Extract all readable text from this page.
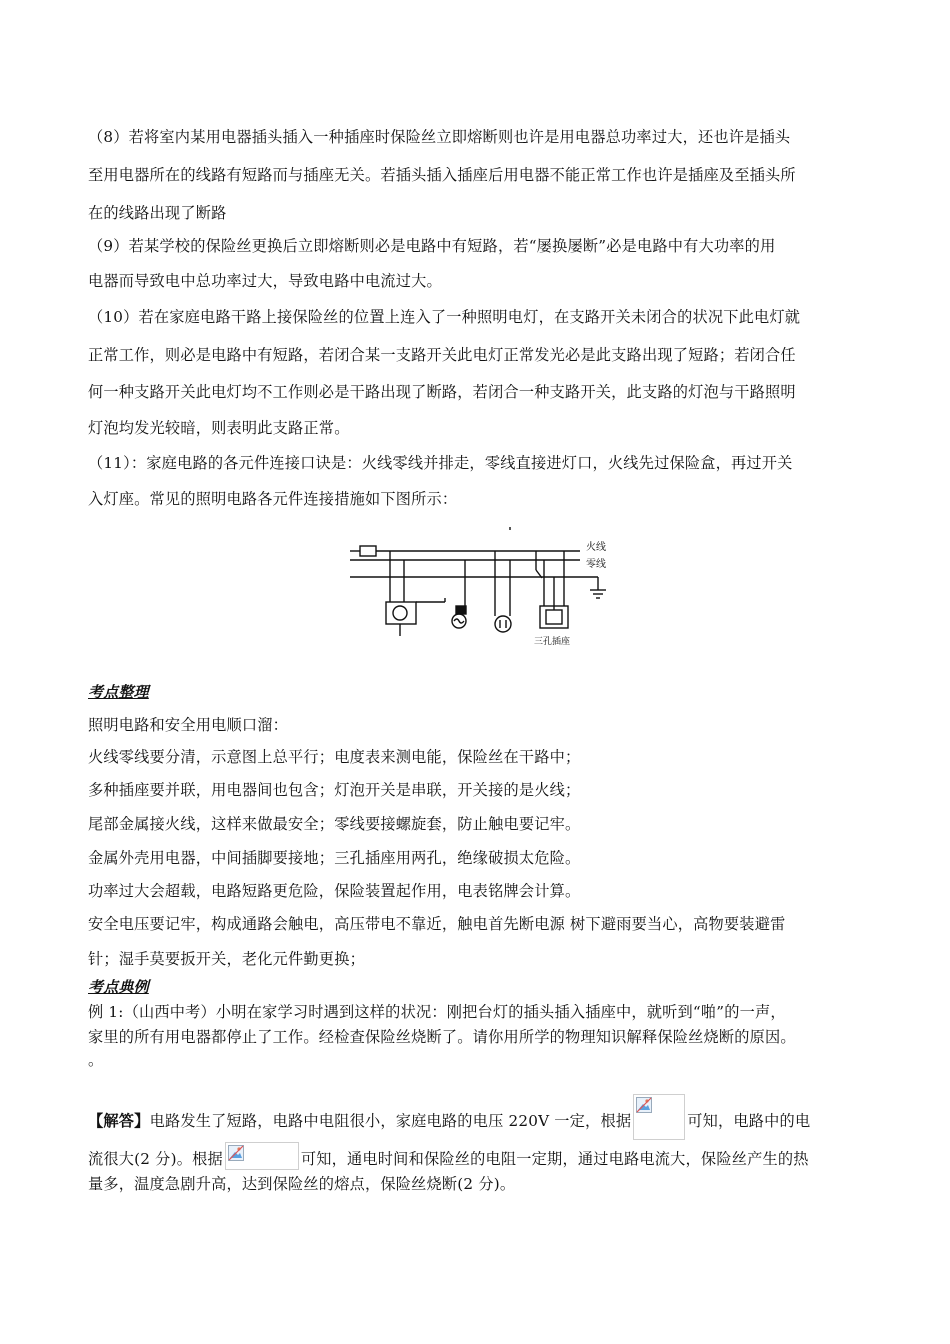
（8）若将室内某用电器插头插入一种插座时保险丝立即熔断则也许是用电器总功率过大，还也许是插头
至用电器所在的线路有短路而与插座无关。若插头插入插座后用电器不能正常工作也许是插座及至插头所
在的线路出现了断路
（9）若某学校的保险丝更换后立即熔断则必是电路中有短路，若“屡换屡断”必是电路中有大功率的用
电器而导致电中总功率过大，导致电路中电流过大。
（10）若在家庭电路干路上接保险丝的位置上连入了一种照明电灯，在支路开关未闭合的状况下此电灯就
正常工作，则必是电路中有短路，若闭合某一支路开关此电灯正常发光必是此支路出现了短路；若闭合任
何一种支路开关此电灯均不工作则必是干路出现了断路，若闭合一种支路开关，此支路的灯泡与干路照明
灯泡均发光较暗，则表明此支路正常。
（11）：家庭电路的各元件连接口诀是：火线零线并排走，零线直接进灯口，火线先过保险盒，再过开关
入灯座。常见的照明电路各元件连接措施如下图所示：
火线
零线
三孔插座
考点整理
照明电路和安全用电顺口溜：
火线零线要分清，示意图上总平行；电度表来测电能，保险丝在干路中；
多种插座要并联，用电器间也包含；灯泡开关是串联，开关接的是火线；
尾部金属接火线，这样来做最安全；零线要接螺旋套，防止触电要记牢。
金属外壳用电器，中间插脚要接地；三孔插座用两孔，绝缘破损太危险。
功率过大会超载，电路短路更危险，保险装置起作用，电表铭牌会计算。
安全电压要记牢，构成通路会触电，高压带电不靠近，触电首先断电源 树下避雨要当心，高物要装避雷
针；湿手莫要扳开关，老化元件勤更换；
考点典例
例 1:（山西中考）小明在家学习时遇到这样的状况：刚把台灯的插头插入插座中，就听到“啪”的一声，
家里的所有用电器都停止了工作。经检查保险丝烧断了。请你用所学的物理知识解释保险丝烧断的原因。
。
【解答】电路发生了短路，电路中电阻很小，家庭电路的电压 220V 一定，根据	可知，电路中的电
流很大(2 分)。根据	可知，通电时间和保险丝的电阻一定期，通过电路电流大，保险丝产生的热
量多，温度急剧升高，达到保险丝的熔点，保险丝烧断(2 分)。
